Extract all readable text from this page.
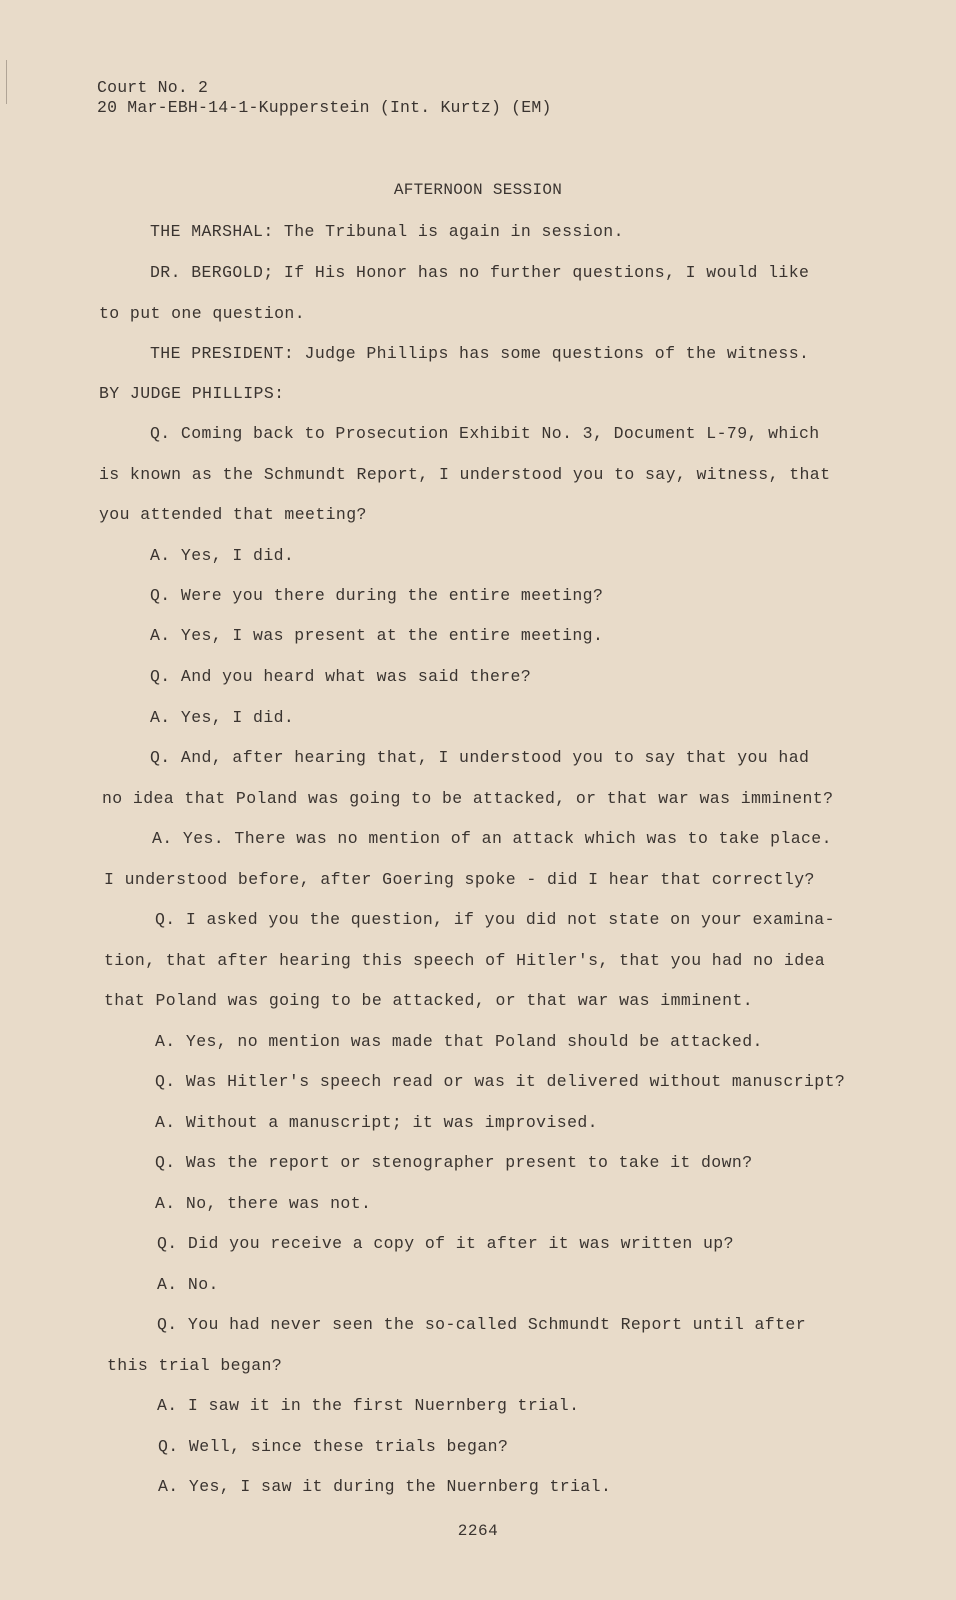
Court No. 2
20 Mar-EBH-14-1-Kupperstein (Int. Kurtz) (EM)
AFTERNOON SESSION
THE MARSHAL: The Tribunal is again in session.
DR. BERGOLD; If His Honor has no further questions, I would like
to put one question.
THE PRESIDENT: Judge Phillips has some questions of the witness.
BY JUDGE PHILLIPS:
Q. Coming back to Prosecution Exhibit No. 3, Document L-79, which
is known as the Schmundt Report, I understood you to say, witness, that
you attended that meeting?
A. Yes, I did.
Q. Were you there during the entire meeting?
A. Yes, I was present at the entire meeting.
Q. And you heard what was said there?
A. Yes, I did.
Q. And, after hearing that, I understood you to say that you had
no idea that Poland was going to be attacked, or that war was imminent?
A. Yes. There was no mention of an attack which was to take place.
I understood before, after Goering spoke - did I hear that correctly?
Q. I asked you the question, if you did not state on your examina-
tion, that after hearing this speech of Hitler's, that you had no idea
that Poland was going to be attacked, or that war was imminent.
A. Yes, no mention was made that Poland should be attacked.
Q. Was Hitler's speech read or was it delivered without manuscript?
A. Without a manuscript; it was improvised.
Q. Was the report or stenographer present to take it down?
A. No, there was not.
Q. Did you receive a copy of it after it was written up?
A. No.
Q. You had never seen the so-called Schmundt Report until after
this trial began?
A. I saw it in the first Nuernberg trial.
Q. Well, since these trials began?
A. Yes, I saw it during the Nuernberg trial.
2264
